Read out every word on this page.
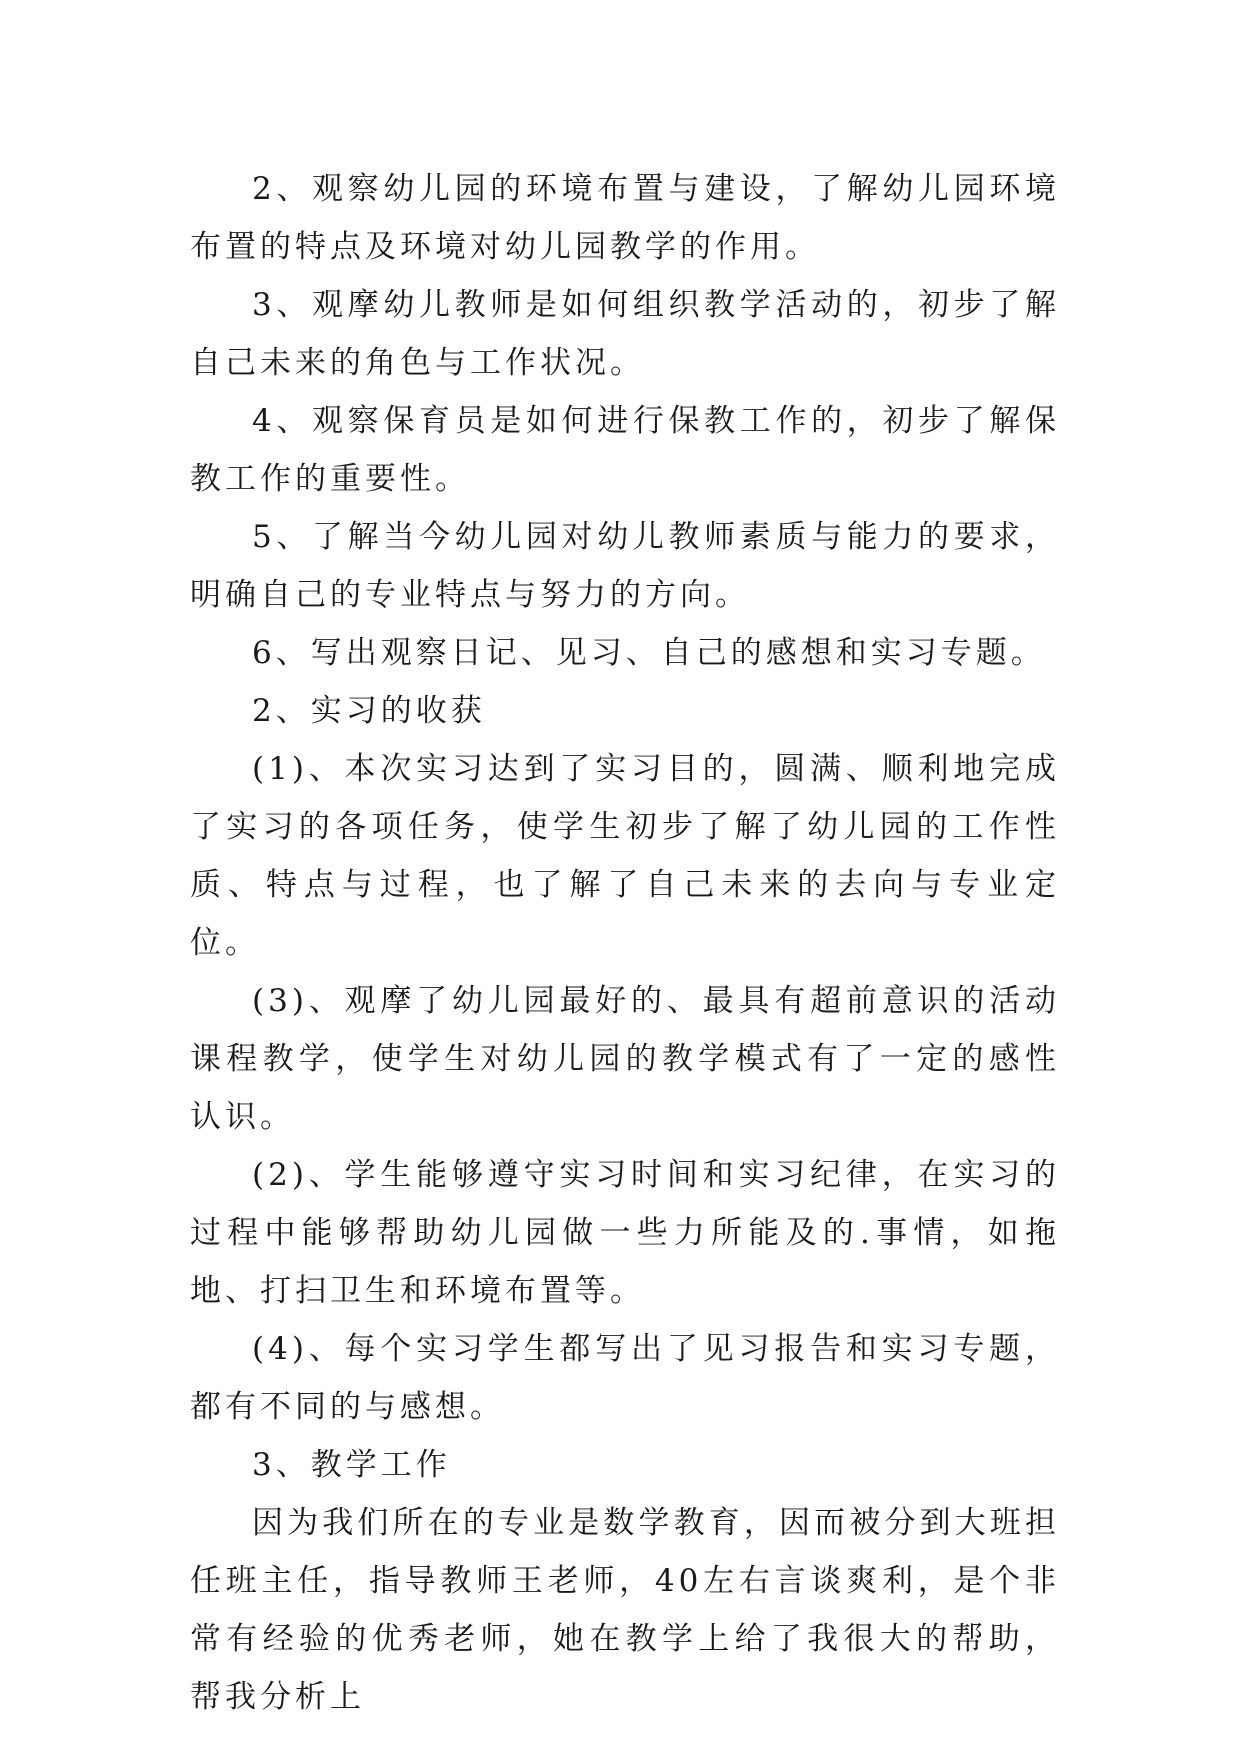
2、观察幼儿园的环境布置与建设，了解幼儿园环境布置的特点及环境对幼儿园教学的作用。

3、观摩幼儿教师是如何组织教学活动的，初步了解自己未来的角色与工作状况。

4、观察保育员是如何进行保教工作的，初步了解保教工作的重要性。

5、了解当今幼儿园对幼儿教师素质与能力的要求，明确自己的专业特点与努力的方向。

6、写出观察日记、见习、自己的感想和实习专题。

2、实习的收获

(1)、本次实习达到了实习目的，圆满、顺利地完成了实习的各项任务，使学生初步了解了幼儿园的工作性质、特点与过程，也了解了自己未来的去向与专业定位。

(3)、观摩了幼儿园最好的、最具有超前意识的活动课程教学，使学生对幼儿园的教学模式有了一定的感性认识。

(2)、学生能够遵守实习时间和实习纪律，在实习的过程中能够帮助幼儿园做一些力所能及的.事情，如拖地、打扫卫生和环境布置等。

(4)、每个实习学生都写出了见习报告和实习专题，都有不同的与感想。

3、教学工作

因为我们所在的专业是数学教育，因而被分到大班担任班主任，指导教师王老师，40左右言谈爽利，是个非常有经验的优秀老师，她在教学上给了我很大的帮助，帮我分析上
